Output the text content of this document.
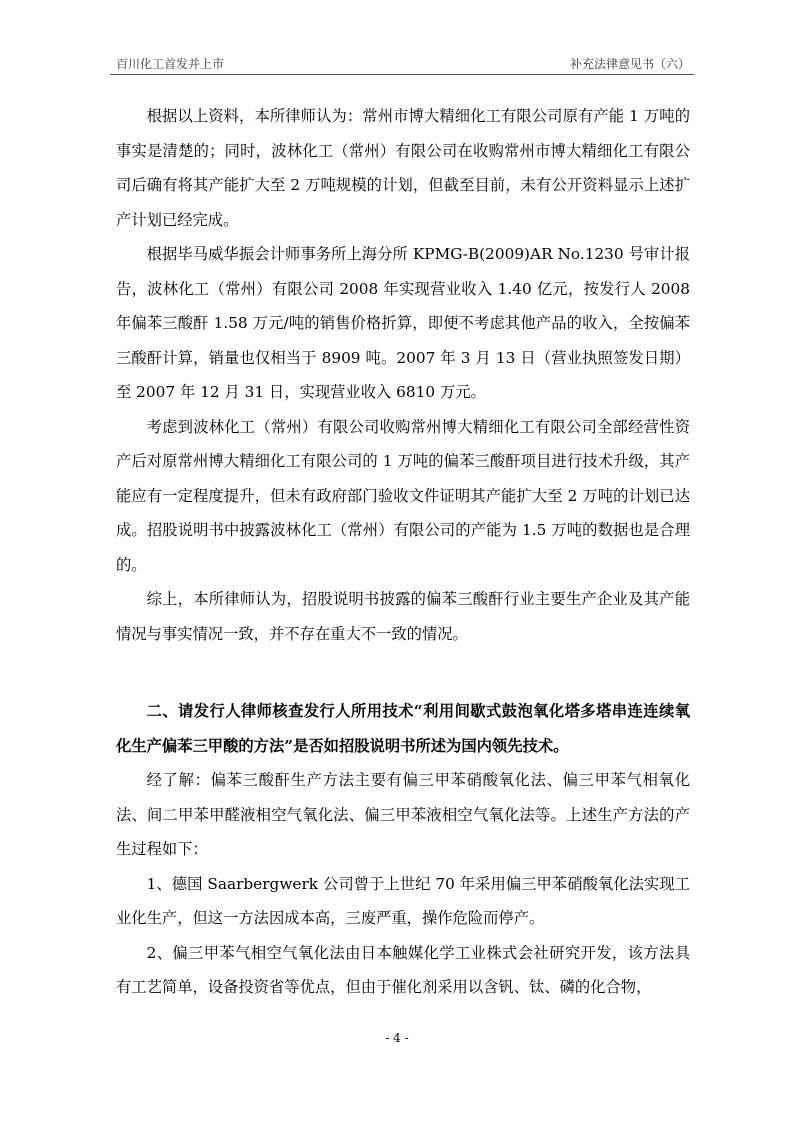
百川化工首发并上市	补充法律意见书（六）

根据以上资料，本所律师认为：常州市博大精细化工有限公司原有产能 1 万吨的事实是清楚的；同时，波林化工（常州）有限公司在收购常州市博大精细化工有限公司后确有将其产能扩大至 2 万吨规模的计划，但截至目前，未有公开资料显示上述扩产计划已经完成。

根据毕马威华振会计师事务所上海分所 KPMG-B(2009)AR No.1230 号审计报告，波林化工（常州）有限公司 2008 年实现营业收入 1.40 亿元，按发行人 2008 年偏苯三酸酐 1.58 万元/吨的销售价格折算，即便不考虑其他产品的收入，全按偏苯三酸酐计算，销量也仅相当于 8909 吨。2007 年 3 月 13 日（营业执照签发日期）至 2007 年 12 月 31 日，实现营业收入 6810 万元。

考虑到波林化工（常州）有限公司收购常州博大精细化工有限公司全部经营性资产后对原常州博大精细化工有限公司的 1 万吨的偏苯三酸酐项目进行技术升级，其产能应有一定程度提升，但未有政府部门验收文件证明其产能扩大至 2 万吨的计划已达成。招股说明书中披露波林化工（常州）有限公司的产能为 1.5 万吨的数据也是合理的。

综上，本所律师认为，招股说明书披露的偏苯三酸酐行业主要生产企业及其产能情况与事实情况一致，并不存在重大不一致的情况。

二、请发行人律师核查发行人所用技术“利用间歇式鼓泡氧化塔多塔串连连续氧化生产偏苯三甲酸的方法”是否如招股说明书所述为国内领先技术。

经了解：偏苯三酸酐生产方法主要有偏三甲苯硝酸氧化法、偏三甲苯气相氧化法、间二甲苯甲醛液相空气氧化法、偏三甲苯液相空气氧化法等。上述生产方法的产生过程如下：

1、德国 Saarbergwerk 公司曾于上世纪 70 年采用偏三甲苯硝酸氧化法实现工业化生产，但这一方法因成本高，三废严重，操作危险而停产。

2、偏三甲苯气相空气氧化法由日本触媒化学工业株式会社研究开发，该方法具有工艺简单，设备投资省等优点，但由于催化剂采用以含钒、钛、磷的化合物，

- 4 -
